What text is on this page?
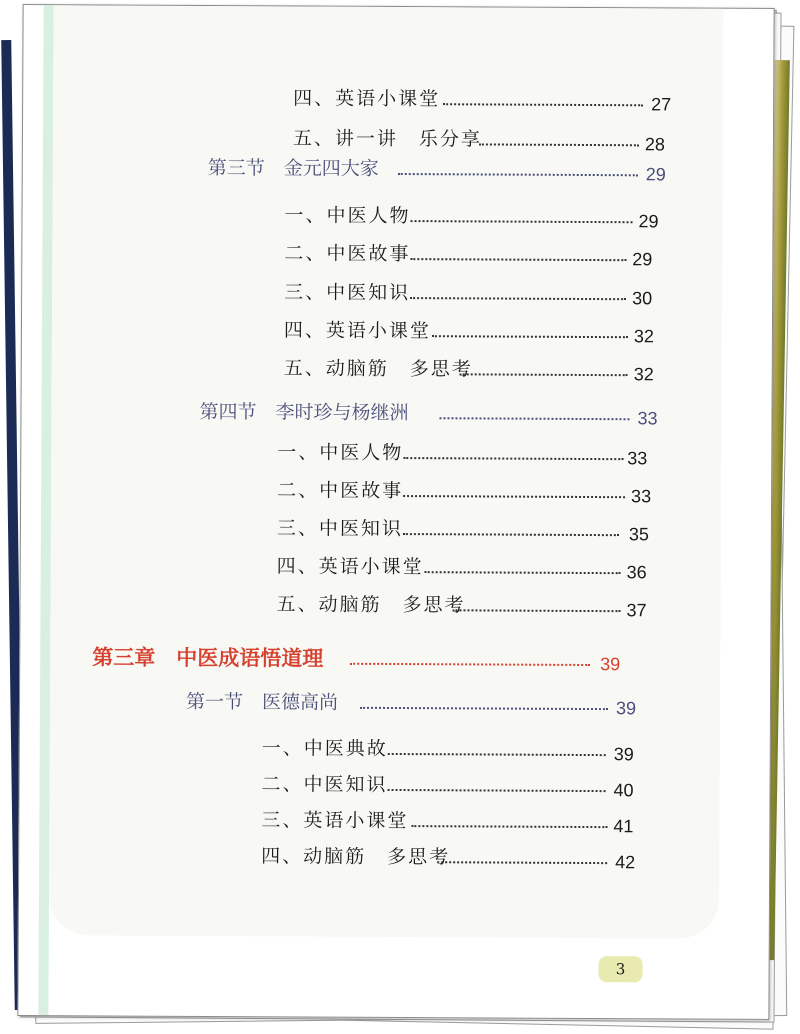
四、英语小课堂	27
五、讲一讲　乐分享	28
第三节　金元四大家	29
一、中医人物	29
二、中医故事	29
三、中医知识	30
四、英语小课堂	32
五、动脑筋　多思考	32
第四节　李时珍与杨继洲	33
一、中医人物	33
二、中医故事	33
三、中医知识	35
四、英语小课堂	36
五、动脑筋　多思考	37
第三章　中医成语悟道理	39
第一节　医德高尚	39
一、中医典故	39
二、中医知识	40
三、英语小课堂	41
四、动脑筋　多思考	42
3
